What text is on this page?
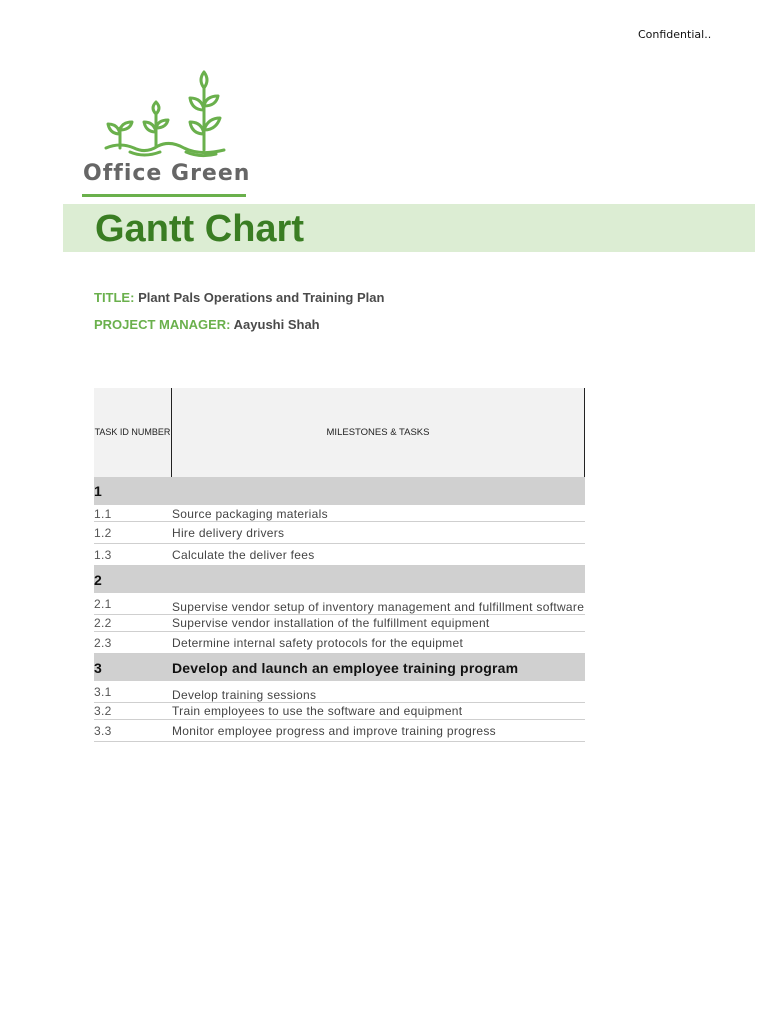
Confidential..
Office Green
Gantt Chart
TITLE: Plant Pals Operations and Training Plan
PROJECT MANAGER: Aayushi Shah
TASK ID NUMBER	MILESTONES & TASKS
1
1.1	Source packaging materials
1.2	Hire delivery drivers
1.3	Calculate the deliver fees
2
2.1	Supervise vendor setup of inventory management and fulfillment software
2.2	Supervise vendor installation of the fulfillment equipment
2.3	Determine internal safety protocols for the equipmet
3	Develop and launch an employee training program
3.1	Develop training sessions
3.2	Train employees to use the software and equipment
3.3	Monitor employee progress and improve training progress
